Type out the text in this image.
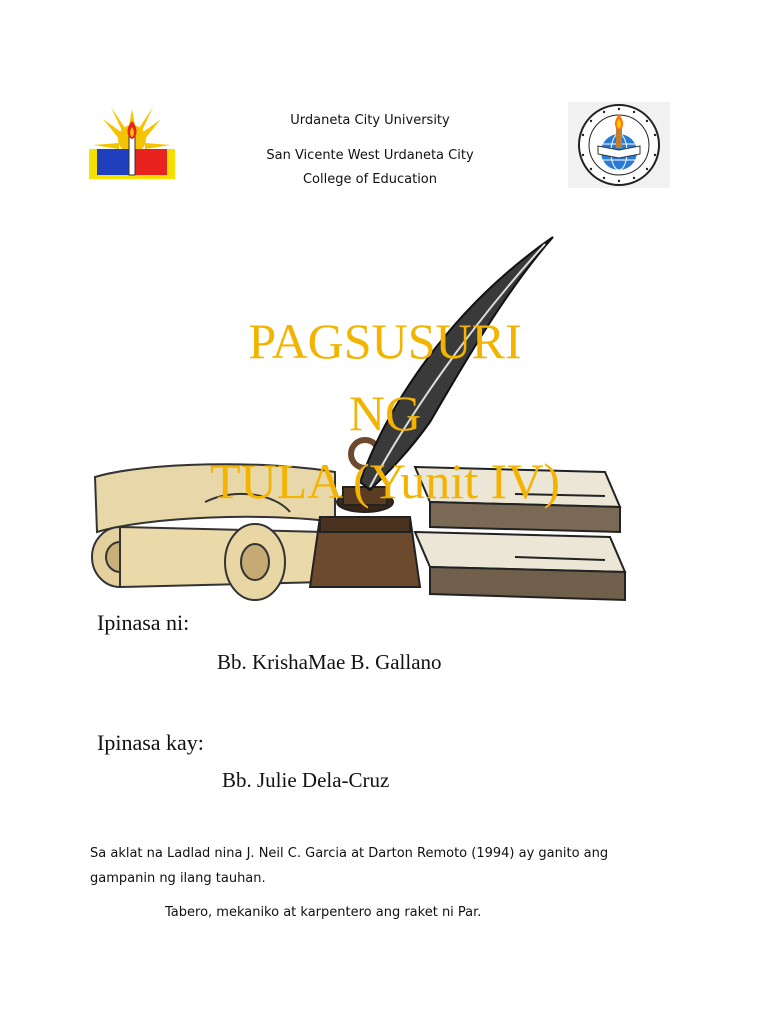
Urdaneta City University
San Vicente West Urdaneta City
College of Education
PAGSUSURI
NG
TULA (Yunit IV)
Ipinasa ni:
Bb. KrishaMae B. Gallano
Ipinasa kay:
Bb. Julie Dela-Cruz
Sa aklat na Ladlad nina J. Neil C. Garcia at Darton Remoto (1994) ay ganito ang
gampanin ng ilang tauhan.
Tabero, mekaniko at karpentero ang raket ni Par.
